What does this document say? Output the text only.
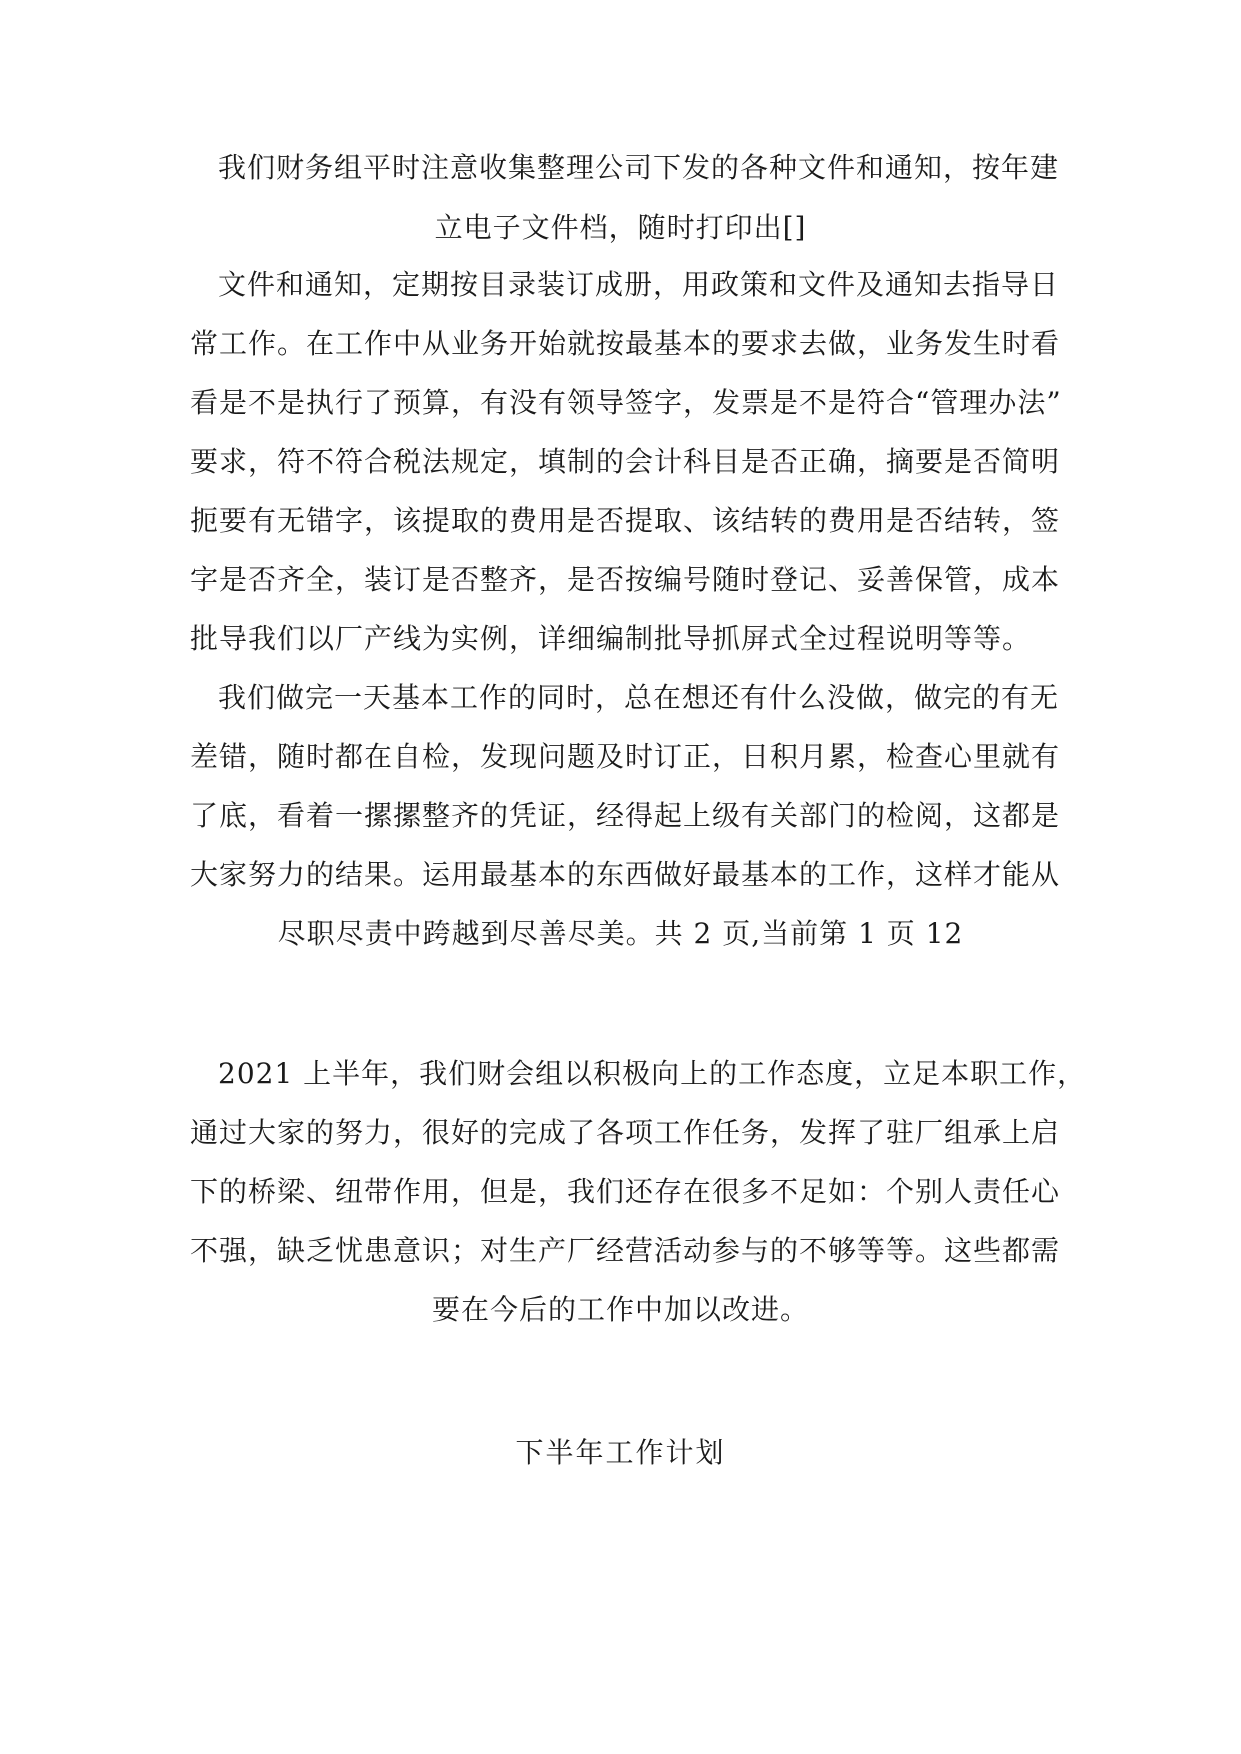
我们财务组平时注意收集整理公司下发的各种文件和通知，按年建
立电子文件档，随时打印出[]
文件和通知，定期按目录装订成册，用政策和文件及通知去指导日
常工作。在工作中从业务开始就按最基本的要求去做，业务发生时看
看是不是执行了预算，有没有领导签字，发票是不是符合“管理办法”
要求，符不符合税法规定，填制的会计科目是否正确，摘要是否简明
扼要有无错字，该提取的费用是否提取、该结转的费用是否结转，签
字是否齐全，装订是否整齐，是否按编号随时登记、妥善保管，成本
批导我们以厂产线为实例，详细编制批导抓屏式全过程说明等等。
我们做完一天基本工作的同时，总在想还有什么没做，做完的有无
差错，随时都在自检，发现问题及时订正，日积月累，检查心里就有
了底，看着一摞摞整齐的凭证，经得起上级有关部门的检阅，这都是
大家努力的结果。运用最基本的东西做好最基本的工作，这样才能从
尽职尽责中跨越到尽善尽美。共 2 页,当前第 1 页 12
2021 上半年，我们财会组以积极向上的工作态度，立足本职工作，
通过大家的努力，很好的完成了各项工作任务，发挥了驻厂组承上启
下的桥梁、纽带作用，但是，我们还存在很多不足如：个别人责任心
不强，缺乏忧患意识；对生产厂经营活动参与的不够等等。这些都需
要在今后的工作中加以改进。
下半年工作计划
